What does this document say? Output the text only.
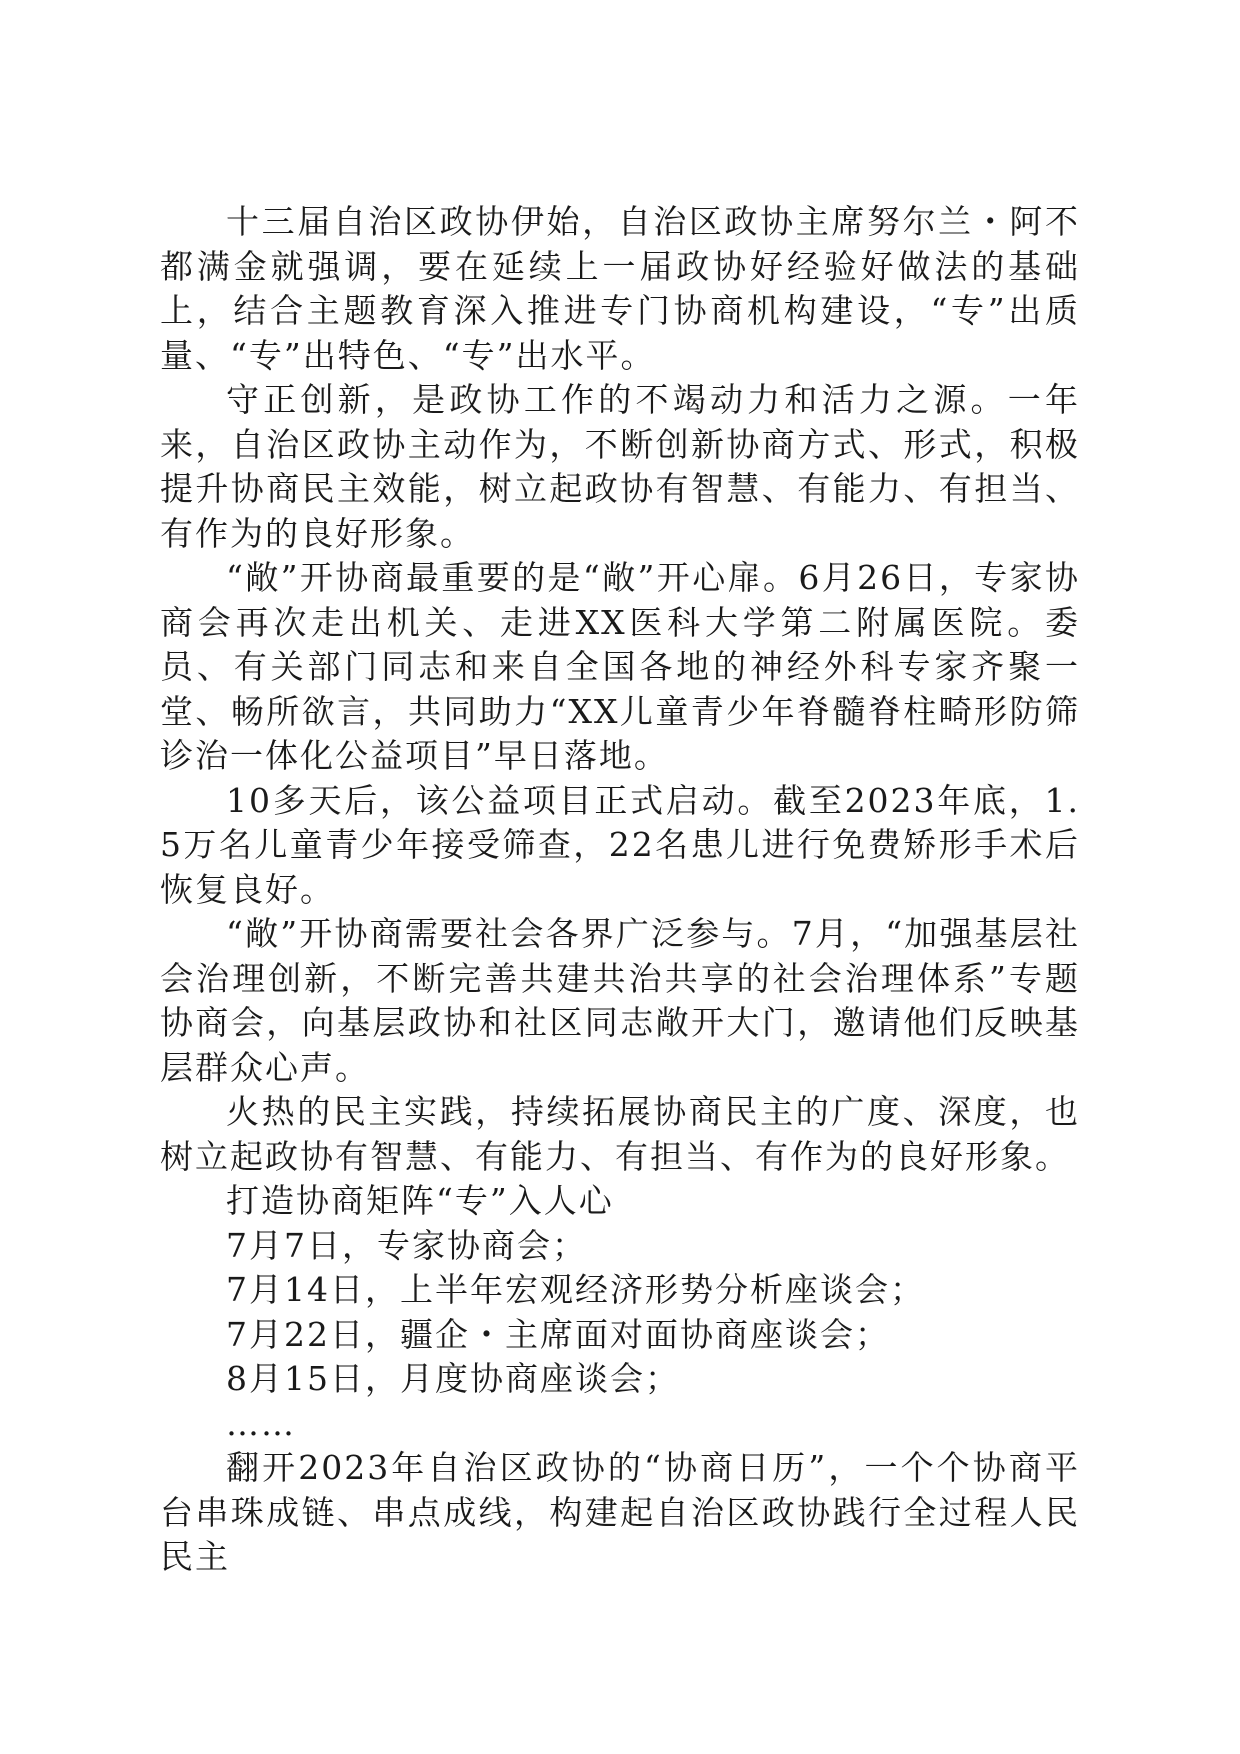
十三届自治区政协伊始，自治区政协主席努尔兰・阿不都满金就强调，要在延续上一届政协好经验好做法的基础上，结合主题教育深入推进专门协商机构建设，“专”出质量、“专”出特色、“专”出水平。

守正创新，是政协工作的不竭动力和活力之源。一年来，自治区政协主动作为，不断创新协商方式、形式，积极提升协商民主效能，树立起政协有智慧、有能力、有担当、有作为的良好形象。

“敞”开协商最重要的是“敞”开心扉。6月26日，专家协商会再次走出机关、走进XX医科大学第二附属医院。委员、有关部门同志和来自全国各地的神经外科专家齐聚一堂、畅所欲言，共同助力“XX儿童青少年脊髓脊柱畸形防筛诊治一体化公益项目”早日落地。

10多天后，该公益项目正式启动。截至2023年底，1.5万名儿童青少年接受筛查，22名患儿进行免费矫形手术后恢复良好。

“敞”开协商需要社会各界广泛参与。7月，“加强基层社会治理创新，不断完善共建共治共享的社会治理体系”专题协商会，向基层政协和社区同志敞开大门，邀请他们反映基层群众心声。

火热的民主实践，持续拓展协商民主的广度、深度，也树立起政协有智慧、有能力、有担当、有作为的良好形象。

打造协商矩阵“专”入人心

7月7日，专家协商会；

7月14日，上半年宏观经济形势分析座谈会；

7月22日，疆企・主席面对面协商座谈会；

8月15日，月度协商座谈会；

……

翻开2023年自治区政协的“协商日历”，一个个协商平台串珠成链、串点成线，构建起自治区政协践行全过程人民民主
